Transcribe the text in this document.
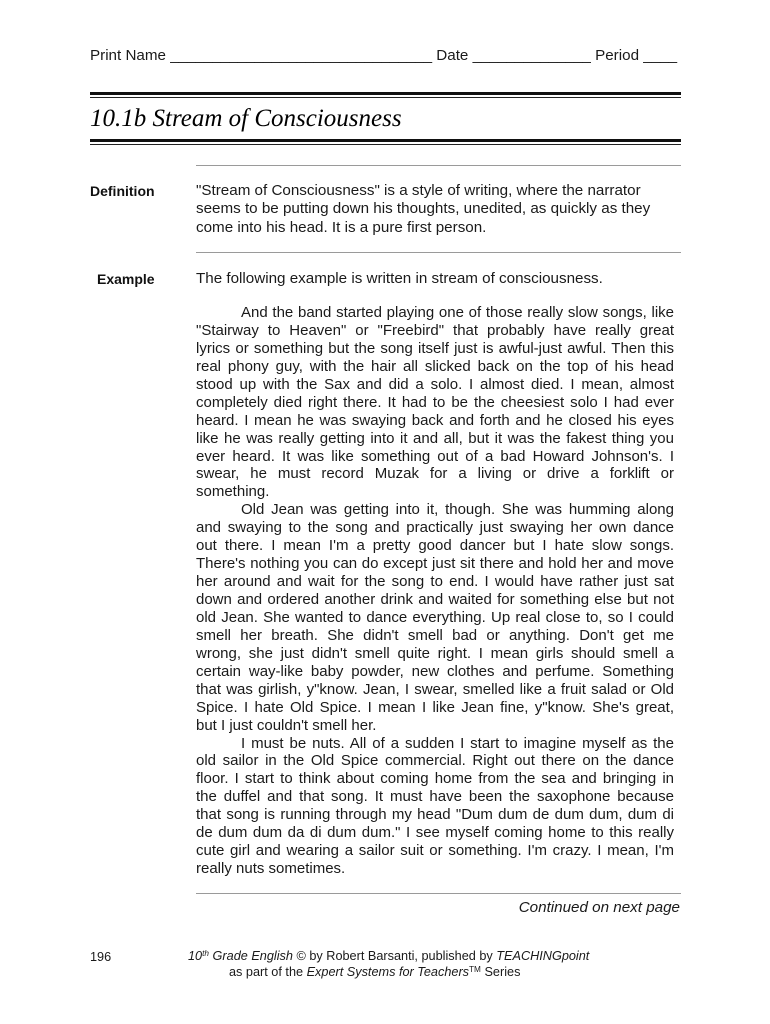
Print Name _______________________________ Date ______________ Period ____
10.1b Stream of Consciousness
Definition	"Stream of Consciousness" is a style of writing, where the narrator
seems to be putting down his thoughts, unedited, as quickly as they
come into his head. It is a pure first person.
Example	The following example is written in stream of consciousness.
And the band started playing one of those really slow songs, like
"Stairway to Heaven" or "Freebird" that probably have really great
lyrics or something but the song itself just is awful-just awful. Then this
real phony guy, with the hair all slicked back on the top of his head
stood up with the Sax and did a solo. I almost died. I mean, almost
completely died right there. It had to be the cheesiest solo I had ever
heard. I mean he was swaying back and forth and he closed his eyes
like he was really getting into it and all, but it was the fakest thing you
ever heard. It was like something out of a bad Howard Johnson's. I
swear, he must record Muzak for a living or drive a forklift or
something.
Old Jean was getting into it, though. She was humming along
and swaying to the song and practically just swaying her own dance
out there. I mean I'm a pretty good dancer but I hate slow songs.
There's nothing you can do except just sit there and hold her and move
her around and wait for the song to end. I would have rather just sat
down and ordered another drink and waited for something else but not
old Jean. She wanted to dance everything. Up real close to, so I could
smell her breath. She didn't smell bad or anything. Don't get me
wrong, she just didn't smell quite right. I mean girls should smell a
certain way-like baby powder, new clothes and perfume. Something
that was girlish, y"know. Jean, I swear, smelled like a fruit salad or Old
Spice. I hate Old Spice. I mean I like Jean fine, y"know. She's great,
but I just couldn't smell her.
I must be nuts. All of a sudden I start to imagine myself as the
old sailor in the Old Spice commercial. Right out there on the dance
floor. I start to think about coming home from the sea and bringing in
the duffel and that song. It must have been the saxophone because
that song is running through my head "Dum dum de dum dum, dum di
de dum dum da di dum dum." I see myself coming home to this really
cute girl and wearing a sailor suit or something. I'm crazy. I mean, I'm
really nuts sometimes.
Continued on next page
196	10th Grade English © by Robert Barsanti, published by TEACHINGpoint
as part of the Expert Systems for Teachers™ Series
